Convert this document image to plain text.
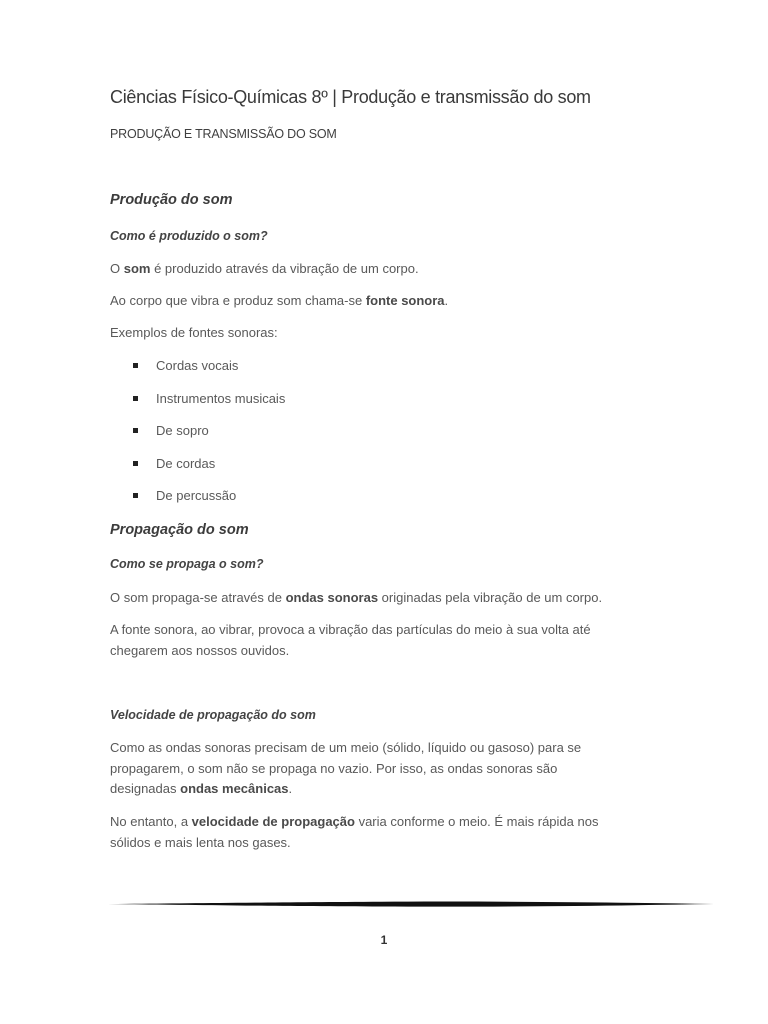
Ciências Físico-Químicas 8º | Produção e transmissão do som
PRODUÇÃO E TRANSMISSÃO DO SOM
Produção do som
Como é produzido o som?

O som é produzido através da vibração de um corpo.

Ao corpo que vibra e produz som chama-se fonte sonora.

Exemplos de fontes sonoras:

Cordas vocais
Instrumentos musicais
De sopro
De cordas
De percussão
Propagação do som
Como se propaga o som?

O som propaga-se através de ondas sonoras originadas pela vibração de um corpo.

A fonte sonora, ao vibrar, provoca a vibração das partículas do meio à sua volta até chegarem aos nossos ouvidos.

Velocidade de propagação do som

Como as ondas sonoras precisam de um meio (sólido, líquido ou gasoso) para se propagarem, o som não se propaga no vazio. Por isso, as ondas sonoras são designadas ondas mecânicas.

No entanto, a velocidade de propagação varia conforme o meio. É mais rápida nos sólidos e mais lenta nos gases.

1
